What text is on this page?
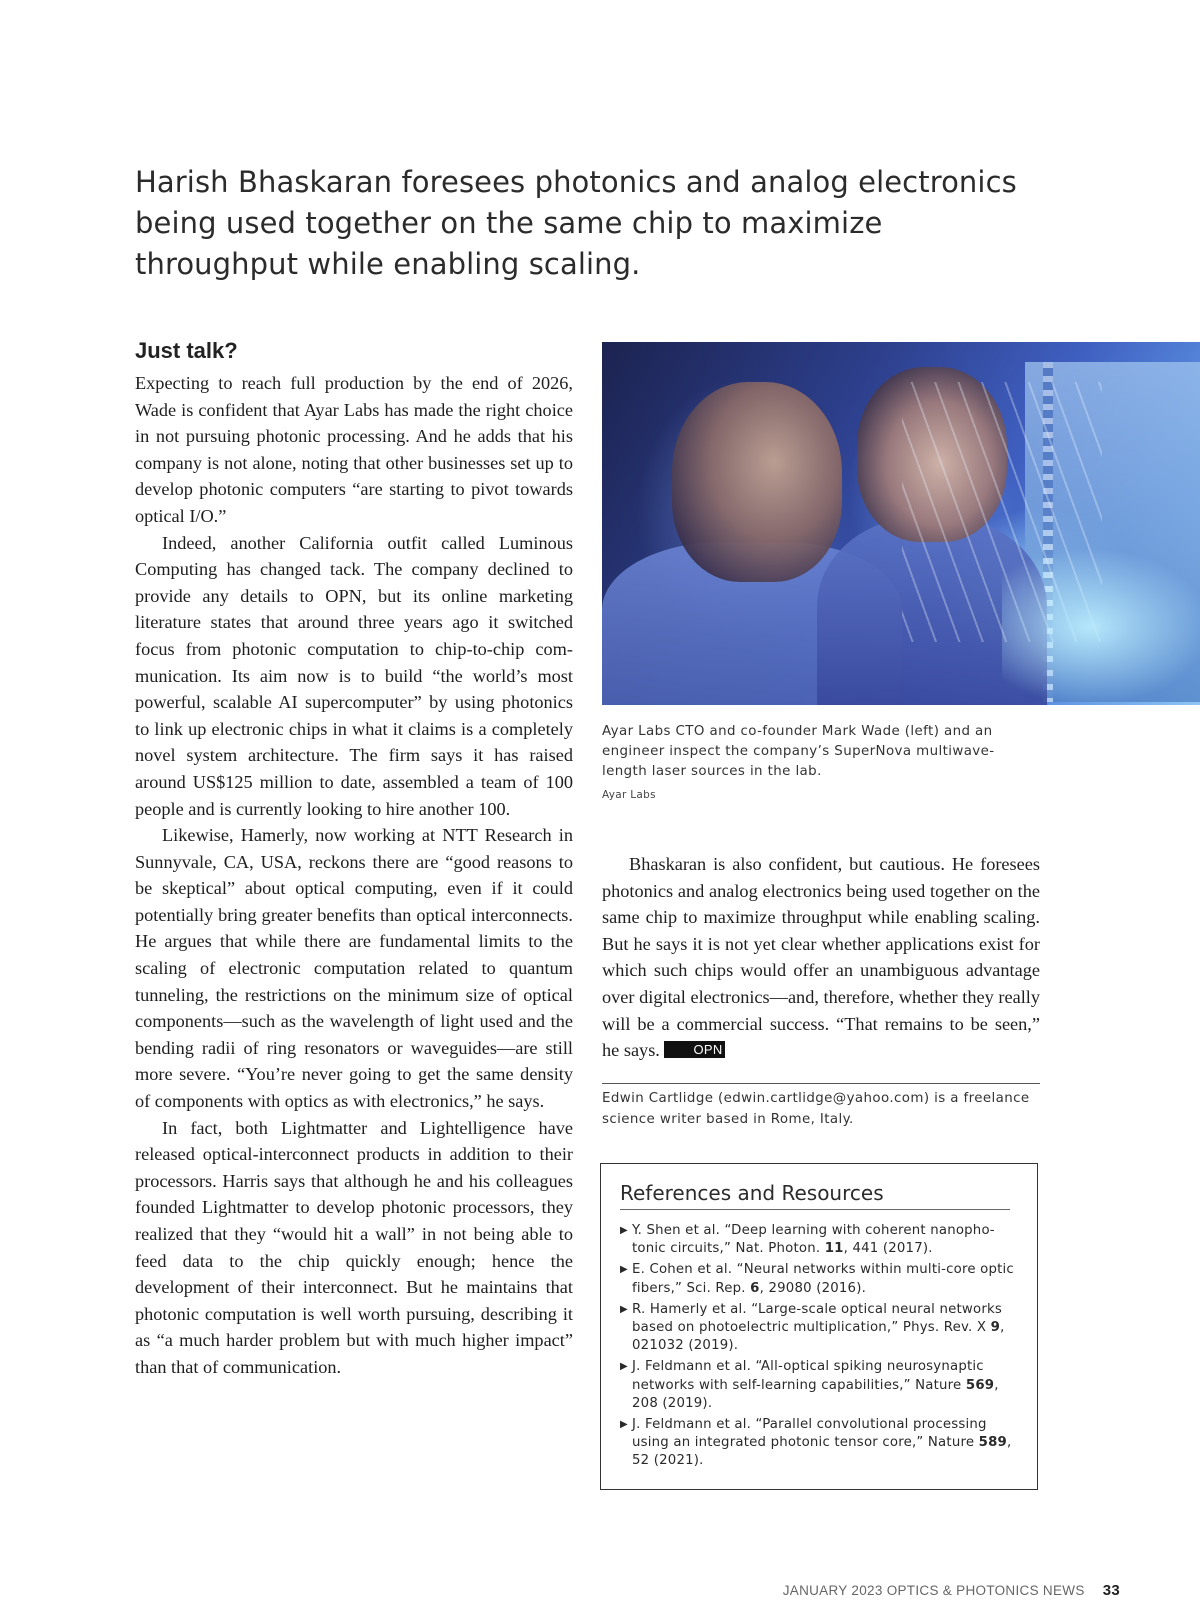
Harish Bhaskaran foresees photonics and analog electronics being used together on the same chip to maximize throughput while enabling scaling.
Just talk?

Expecting to reach full production by the end of 2026, Wade is confident that Ayar Labs has made the right choice in not pursuing photonic processing. And he adds that his company is not alone, noting that other businesses set up to develop photonic computers “are starting to pivot towards optical I/O.”

Indeed, another California outfit called Luminous Computing has changed tack. The company declined to provide any details to OPN, but its online marketing literature states that around three years ago it switched focus from photonic computation to chip-to-chip communication. Its aim now is to build “the world’s most powerful, scalable AI supercomputer” by using photonics to link up electronic chips in what it claims is a completely novel system architecture. The firm says it has raised around US$125 million to date, assembled a team of 100 people and is currently looking to hire another 100.

Likewise, Hamerly, now working at NTT Research in Sunnyvale, CA, USA, reckons there are “good reasons to be skeptical” about optical computing, even if it could potentially bring greater benefits than optical interconnects. He argues that while there are fundamental limits to the scaling of electronic computation related to quantum tunneling, the restrictions on the minimum size of optical components—such as the wavelength of light used and the bending radii of ring resonators or waveguides—are still more severe. “You’re never going to get the same density of components with optics as with electronics,” he says.

In fact, both Lightmatter and Lightelligence have released optical-interconnect products in addition to their processors. Harris says that although he and his colleagues founded Lightmatter to develop photonic processors, they realized that they “would hit a wall” in not being able to feed data to the chip quickly enough; hence the development of their interconnect. But he maintains that photonic computation is well worth pursuing, describing it as “a much harder problem but with much higher impact” than that of communication.

Ayar Labs CTO and co-founder Mark Wade (left) and an engineer inspect the company’s SuperNova multiwavelength laser sources in the lab.
Ayar Labs

Bhaskaran is also confident, but cautious. He foresees photonics and analog electronics being used together on the same chip to maximize throughput while enabling scaling. But he says it is not yet clear whether applications exist for which such chips would offer an unambiguous advantage over digital electronics—and, therefore, whether they really will be a commercial success. “That remains to be seen,” he says.	OPN

Edwin Cartlidge (edwin.cartlidge@yahoo.com) is a freelance science writer based in Rome, Italy.
References and Resources
▶ Y. Shen et al. “Deep learning with coherent nanophotonic circuits,” Nat. Photon. 11, 441 (2017).
▶ E. Cohen et al. “Neural networks within multi-core optic fibers,” Sci. Rep. 6, 29080 (2016).
▶ R. Hamerly et al. “Large-scale optical neural networks based on photoelectric multiplication,” Phys. Rev. X 9, 021032 (2019).
▶ J. Feldmann et al. “All-optical spiking neurosynaptic networks with self-learning capabilities,” Nature 569, 208 (2019).
▶ J. Feldmann et al. “Parallel convolutional processing using an integrated photonic tensor core,” Nature 589, 52 (2021).
JANUARY 2023 OPTICS & PHOTONICS NEWS 33
